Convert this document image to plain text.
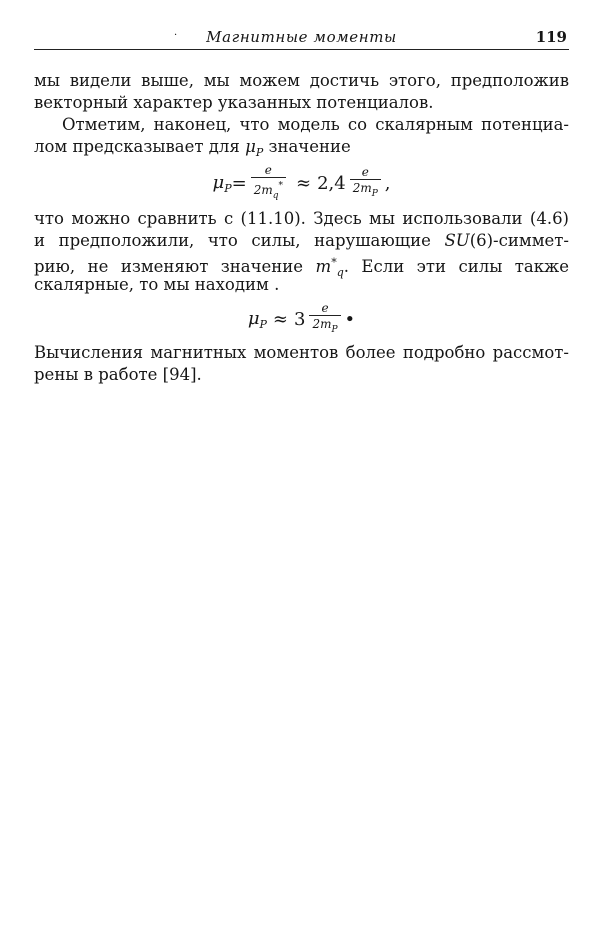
·	Магнитные моменты	119
мы видели выше, мы можем достичь этого, предположив
векторный характер указанных потенциалов.
Отметим, наконец, что модель со скалярным потенциа-
лом предсказывает для $\mu_P$ значение
$\mu_P = \frac{e}{2m_q^*} \approx 2,4 \frac{e}{2m_P}$ ,
что можно сравнить с (11.10). Здесь мы использовали (4.6)
и предположили, что силы, нарушающие SU(6)-симмет-
рию, не изменяют значение $m^*_q$. Если эти силы также
скалярные, то мы находим .
$\mu_P \approx 3 \frac{e}{2m_P}$ •
Вычисления магнитных моментов более подробно рассмот-
рены в работе [94].
